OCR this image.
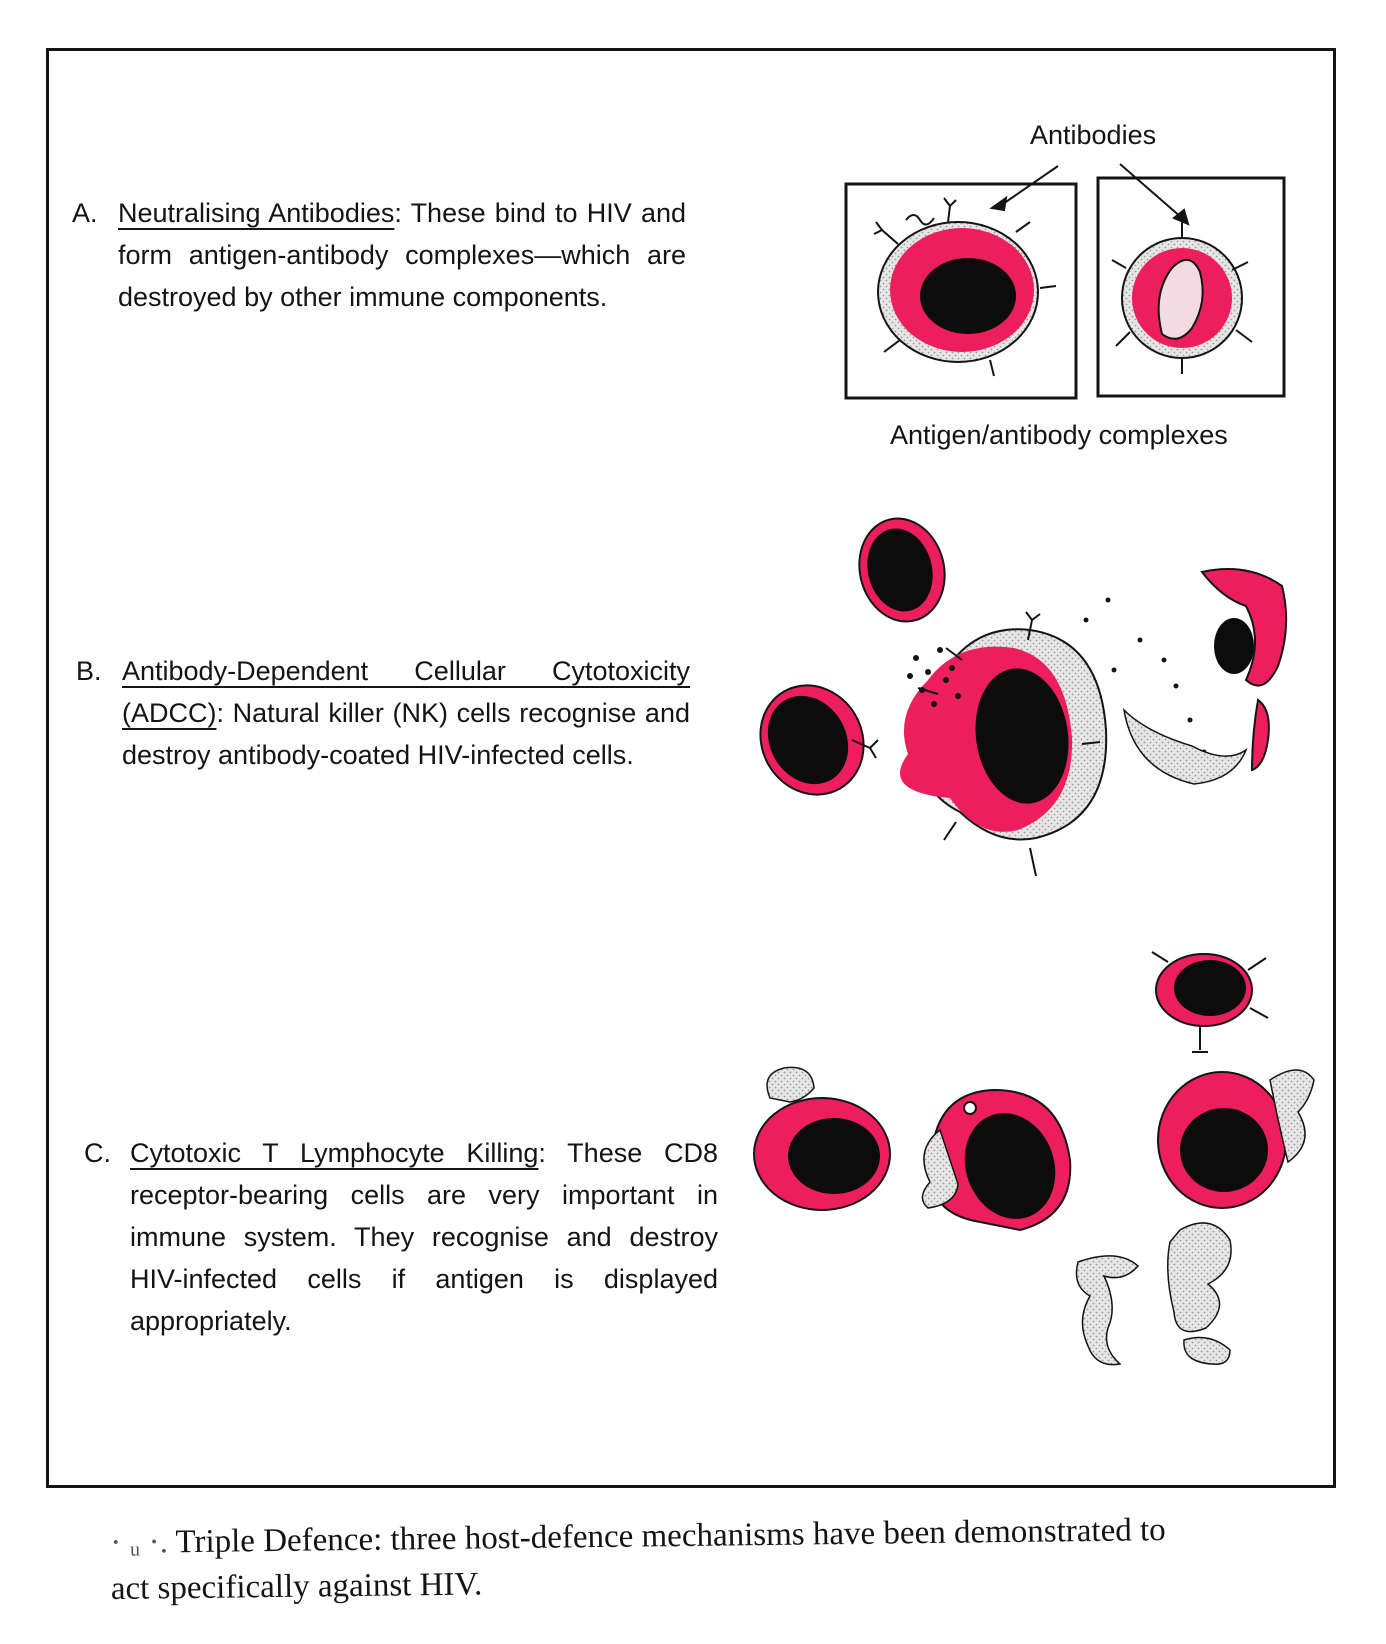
A. Neutralising Antibodies: These bind to HIV and form antigen-antibody complexes—which are destroyed by other immune components.
B. Antibody-Dependent Cellular Cytotoxicity (ADCC): Natural killer (NK) cells recognise and destroy antibody-coated HIV-infected cells.
C. Cytotoxic T Lymphocyte Killing: These CD8 receptor-bearing cells are very important in immune system. They recognise and destroy HIV-infected cells if antigen is displayed appropriately.
Antibodies
Antigen/antibody complexes
· ᵤ ·. Triple Defence: three host-defence mechanisms have been demonstrated to act specifically against HIV.
